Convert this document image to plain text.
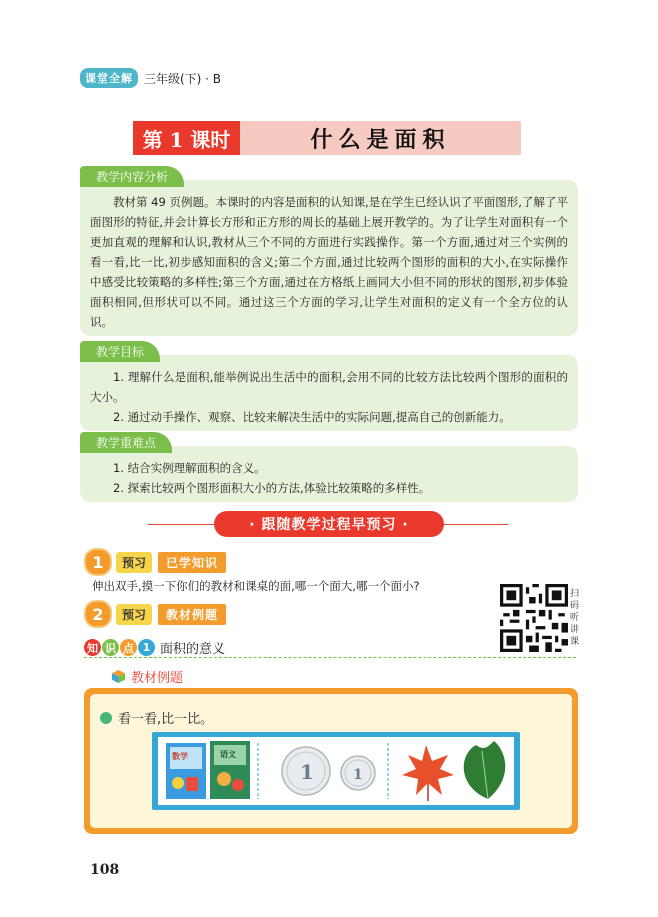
课堂全解 三年级(下) · B
第 1 课时	什么是面积
教学内容分析

教材第 49 页例题。本课时的内容是面积的认知课,是在学生已经认识了平面图形,了解了平面图形的特征,并会计算长方形和正方形的周长的基础上展开教学的。为了让学生对面积有一个更加直观的理解和认识,教材从三个不同的方面进行实践操作。第一个方面,通过对三个实例的看一看,比一比,初步感知面积的含义;第二个方面,通过比较两个图形的面积的大小,在实际操作中感受比较策略的多样性;第三个方面,通过在方格纸上画同大小但不同的形状的图形,初步体验面积相同,但形状可以不同。通过这三个方面的学习,让学生对面积的定义有一个全方位的认识。

教学目标

1. 理解什么是面积,能举例说出生活中的面积,会用不同的比较方法比较两个图形的面积的大小。

2. 通过动手操作、观察、比较来解决生活中的实际问题,提高自己的创新能力。

教学重难点

1. 结合实例理解面积的含义。

2. 探索比较两个图形面积大小的方法,体验比较策略的多样性。

· 跟随教学过程早预习 ·
1	预习	已学知识
伸出双手,摸一下你们的教材和课桌的面,哪一个面大,哪一个面小?
2	预习	教材例题
扫码听讲课
知 识 点 1 面积的意义
教材例题
看一看,比一比。
数学	语文
1	1
108
